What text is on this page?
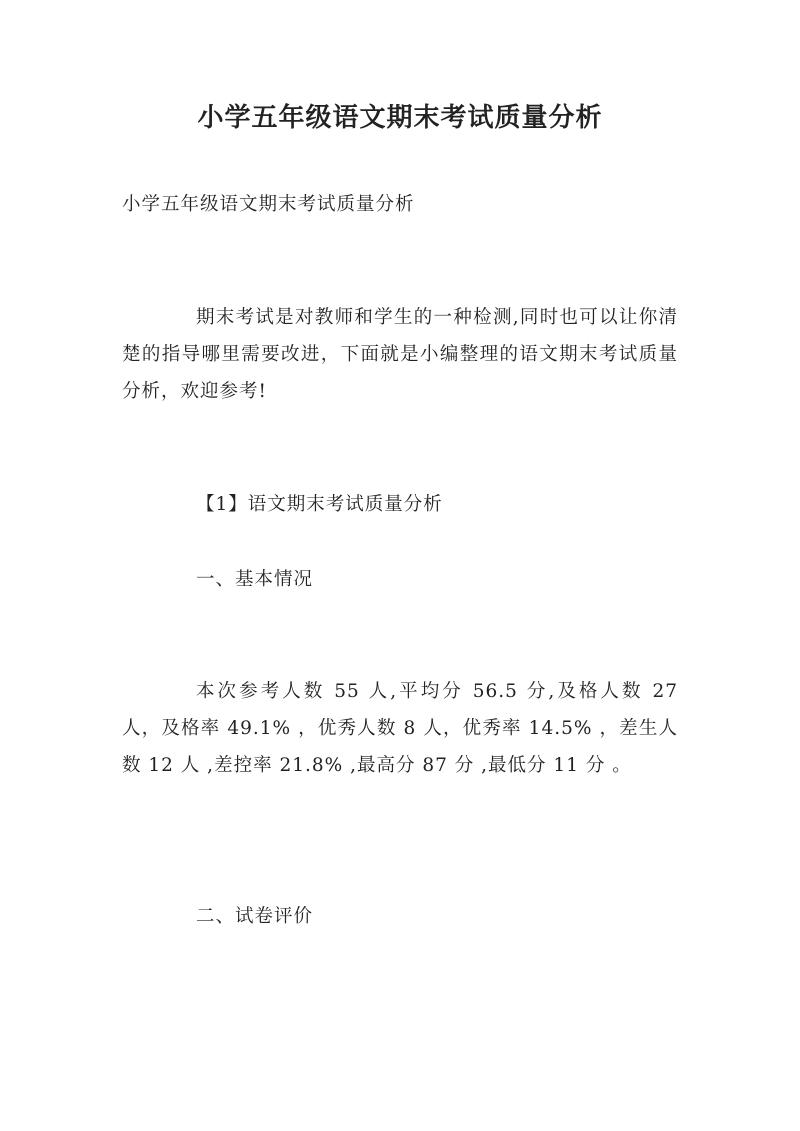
小学五年级语文期末考试质量分析

小学五年级语文期末考试质量分析

期末考试是对教师和学生的一种检测,同时也可以让你清楚的指导哪里需要改进，下面就是小编整理的语文期末考试质量分析，欢迎参考!

【1】语文期末考试质量分析

一、基本情况

本次参考人数 55 人,平均分 56.5 分,及格人数 27 人，及格率 49.1% ，优秀人数 8 人，优秀率 14.5% ，差生人数 12 人 ,差控率 21.8% ,最高分 87 分 ,最低分 11 分 。

二、试卷评价
